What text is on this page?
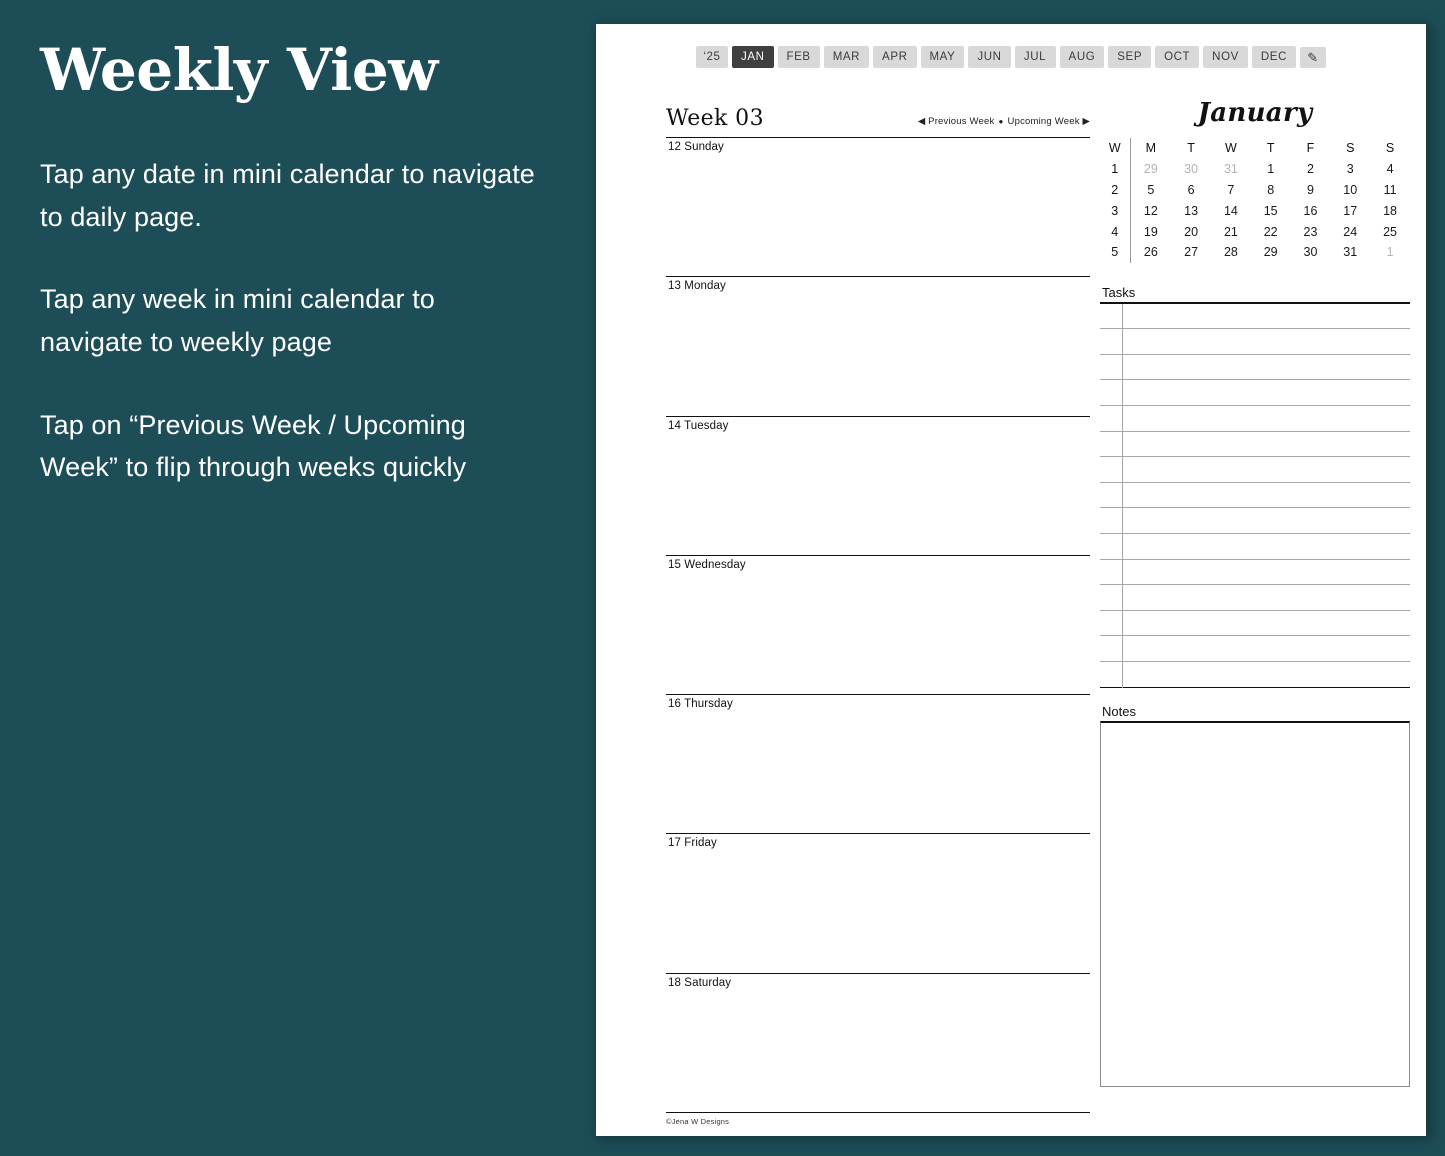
Weekly View
Tap any date in mini calendar to navigate to daily page.
Tap any week in mini calendar to navigate to weekly page
Tap on “Previous Week / Upcoming Week” to flip through weeks quickly
‘25	JAN	FEB	MAR	APR	MAY	JUN	JUL	AUG	SEP	OCT	NOV	DEC	✎
Week 03	◀ Previous Week ● Upcoming Week ▶
12 Sunday
13 Monday
14 Tuesday
15 Wednesday
16 Thursday
17 Friday
18 Saturday
January
W	M	T	W	T	F	S	S
1	29	30	31	1	2	3	4
2	5	6	7	8	9	10	11
3	12	13	14	15	16	17	18
4	19	20	21	22	23	24	25
5	26	27	28	29	30	31	1
Tasks
Notes
©Jena W Designs
